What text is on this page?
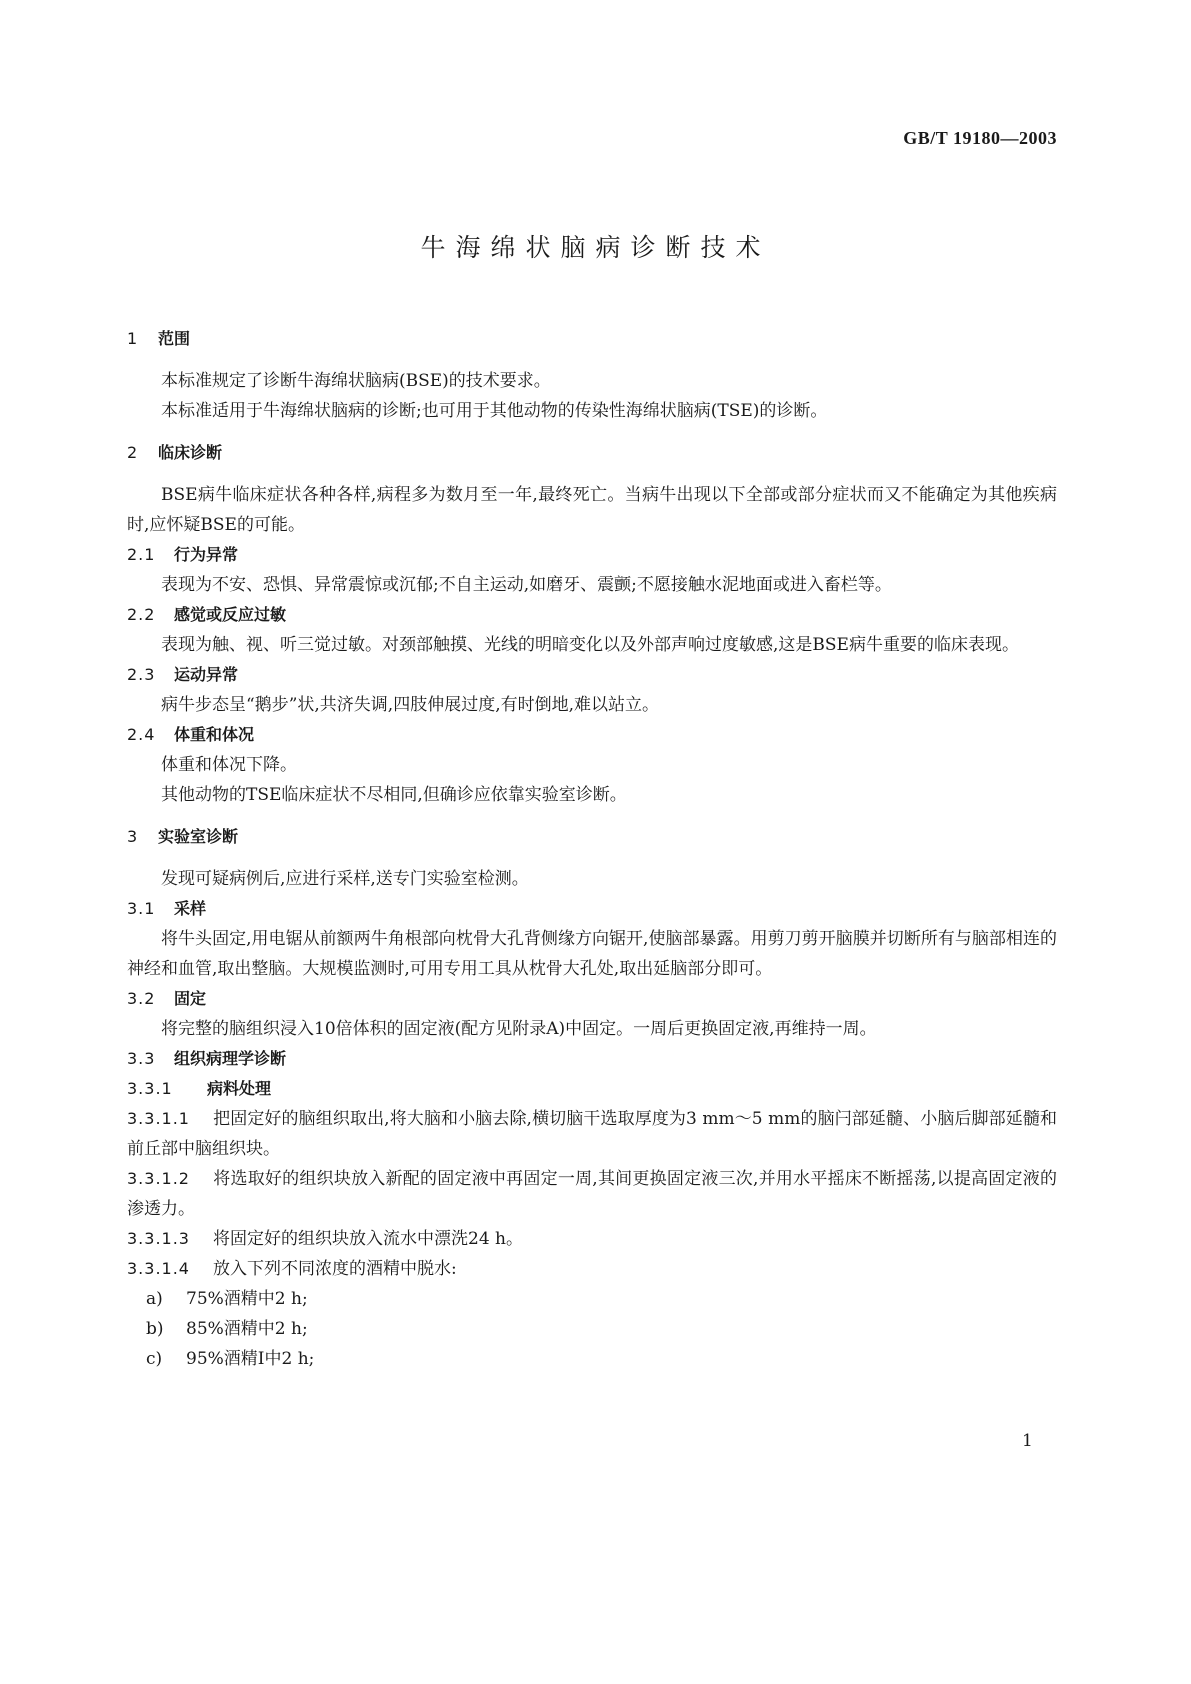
GB/T 19180—2003
牛海绵状脑病诊断技术
1 范围
本标准规定了诊断牛海绵状脑病(BSE)的技术要求。
本标准适用于牛海绵状脑病的诊断;也可用于其他动物的传染性海绵状脑病(TSE)的诊断。
2 临床诊断
BSE病牛临床症状各种各样,病程多为数月至一年,最终死亡。当病牛出现以下全部或部分症状而又不能确定为其他疾病时,应怀疑BSE的可能。
2.1 行为异常
表现为不安、恐惧、异常震惊或沉郁;不自主运动,如磨牙、震颤;不愿接触水泥地面或进入畜栏等。
2.2 感觉或反应过敏
表现为触、视、听三觉过敏。对颈部触摸、光线的明暗变化以及外部声响过度敏感,这是BSE病牛重要的临床表现。
2.3 运动异常
病牛步态呈“鹅步”状,共济失调,四肢伸展过度,有时倒地,难以站立。
2.4 体重和体况
体重和体况下降。
其他动物的TSE临床症状不尽相同,但确诊应依靠实验室诊断。
3 实验室诊断
发现可疑病例后,应进行采样,送专门实验室检测。
3.1 采样
将牛头固定,用电锯从前额两牛角根部向枕骨大孔背侧缘方向锯开,使脑部暴露。用剪刀剪开脑膜并切断所有与脑部相连的神经和血管,取出整脑。大规模监测时,可用专用工具从枕骨大孔处,取出延脑部分即可。
3.2 固定
将完整的脑组织浸入10倍体积的固定液(配方见附录A)中固定。一周后更换固定液,再维持一周。
3.3 组织病理学诊断
3.3.1 病料处理
3.3.1.1 把固定好的脑组织取出,将大脑和小脑去除,横切脑干选取厚度为3 mm～5 mm的脑闩部延髓、小脑后脚部延髓和前丘部中脑组织块。
3.3.1.2 将选取好的组织块放入新配的固定液中再固定一周,其间更换固定液三次,并用水平摇床不断摇荡,以提高固定液的渗透力。
3.3.1.3 将固定好的组织块放入流水中漂洗24 h。
3.3.1.4 放入下列不同浓度的酒精中脱水:
a) 75%酒精中2 h;
b) 85%酒精中2 h;
c) 95%酒精Ⅰ中2 h;
1
